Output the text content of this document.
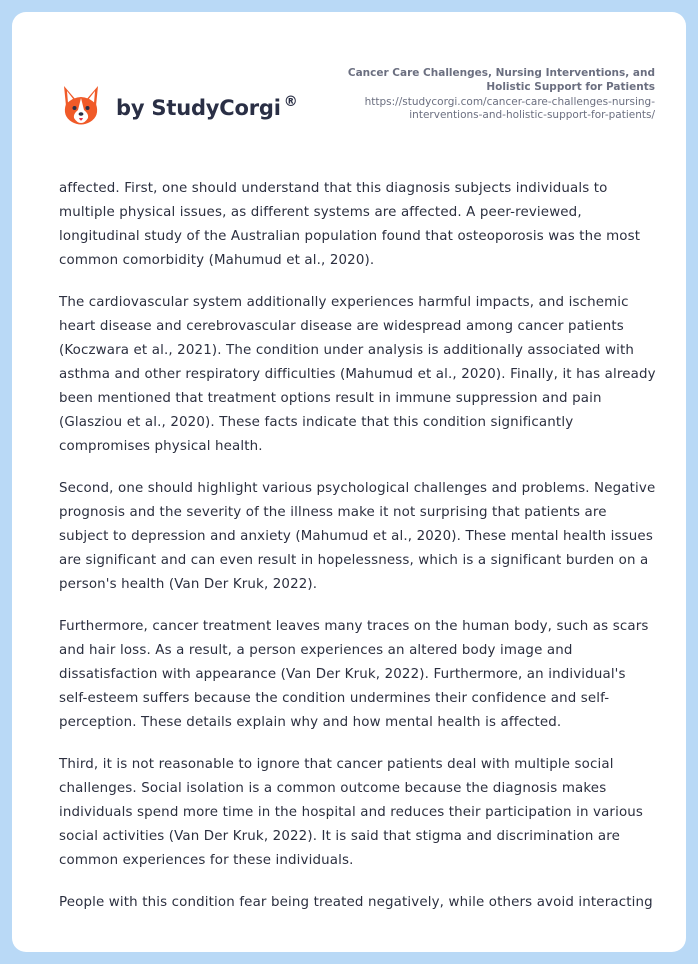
by StudyCorgi ®
Cancer Care Challenges, Nursing Interventions, and
Holistic Support for Patients
https://studycorgi.com/cancer-care-challenges-nursing-
interventions-and-holistic-support-for-patients/

affected. First, one should understand that this diagnosis subjects individuals to
multiple physical issues, as different systems are affected. A peer-reviewed,
longitudinal study of the Australian population found that osteoporosis was the most
common comorbidity (Mahumud et al., 2020).

The cardiovascular system additionally experiences harmful impacts, and ischemic
heart disease and cerebrovascular disease are widespread among cancer patients
(Koczwara et al., 2021). The condition under analysis is additionally associated with
asthma and other respiratory difficulties (Mahumud et al., 2020). Finally, it has already
been mentioned that treatment options result in immune suppression and pain
(Glasziou et al., 2020). These facts indicate that this condition significantly
compromises physical health.

Second, one should highlight various psychological challenges and problems. Negative
prognosis and the severity of the illness make it not surprising that patients are
subject to depression and anxiety (Mahumud et al., 2020). These mental health issues
are significant and can even result in hopelessness, which is a significant burden on a
person's health (Van Der Kruk, 2022).

Furthermore, cancer treatment leaves many traces on the human body, such as scars
and hair loss. As a result, a person experiences an altered body image and
dissatisfaction with appearance (Van Der Kruk, 2022). Furthermore, an individual's
self-esteem suffers because the condition undermines their confidence and self-
perception. These details explain why and how mental health is affected.

Third, it is not reasonable to ignore that cancer patients deal with multiple social
challenges. Social isolation is a common outcome because the diagnosis makes
individuals spend more time in the hospital and reduces their participation in various
social activities (Van Der Kruk, 2022). It is said that stigma and discrimination are
common experiences for these individuals.

People with this condition fear being treated negatively, while others avoid interacting
